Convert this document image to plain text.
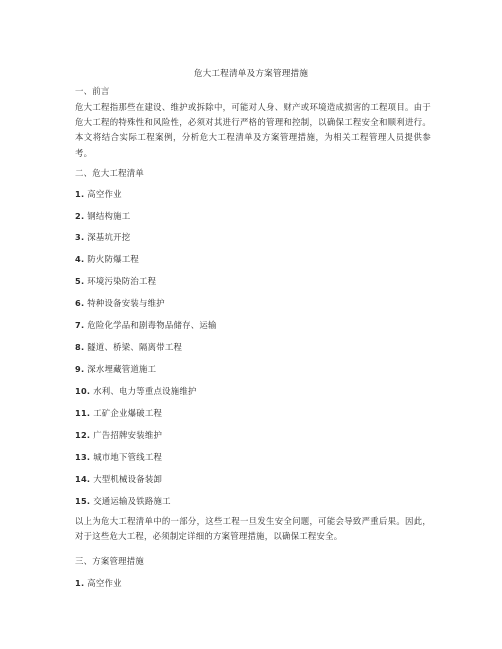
危大工程清单及方案管理措施
一、前言
危大工程指那些在建设、维护或拆除中，可能对人身、财产或环境造成损害的工程项目。由于危大工程的特殊性和风险性，必须对其进行严格的管理和控制，以确保工程安全和顺利进行。本文将结合实际工程案例，分析危大工程清单及方案管理措施，为相关工程管理人员提供参考。
二、危大工程清单
1. 高空作业
2. 钢结构施工
3. 深基坑开挖
4. 防火防爆工程
5. 环境污染防治工程
6. 特种设备安装与维护
7. 危险化学品和剧毒物品储存、运输
8. 隧道、桥梁、隔离带工程
9. 深水埋藏管道施工
10. 水利、电力等重点设施维护
11. 工矿企业爆破工程
12. 广告招牌安装维护
13. 城市地下管线工程
14. 大型机械设备装卸
15. 交通运输及铁路施工
以上为危大工程清单中的一部分，这些工程一旦发生安全问题，可能会导致严重后果。因此，对于这些危大工程，必须制定详细的方案管理措施，以确保工程安全。
三、方案管理措施
1. 高空作业
